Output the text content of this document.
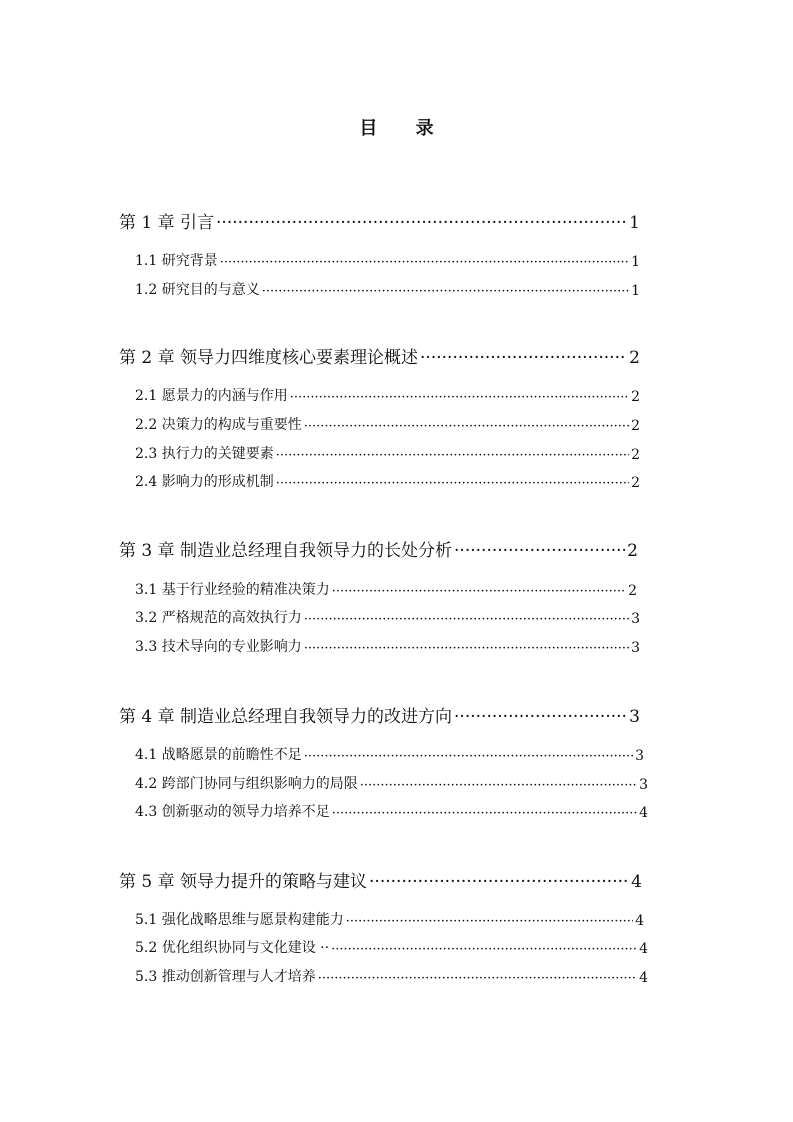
目 录
第 1 章 引言 ·····	1
1.1 研究背景 ·····	1
1.2 研究目的与意义 ·····	1
第 2 章 领导力四维度核心要素理论概述 ·····	2
2.1 愿景力的内涵与作用 ·····	2
2.2 决策力的构成与重要性 ·····	2
2.3 执行力的关键要素 ·····	2
2.4 影响力的形成机制 ·····	2
第 3 章 制造业总经理自我领导力的长处分析 ·····	2
3.1 基于行业经验的精准决策力 ·····	2
3.2 严格规范的高效执行力 ·····	3
3.3 技术导向的专业影响力 ·····	3
第 4 章 制造业总经理自我领导力的改进方向 ·····	3
4.1 战略愿景的前瞻性不足 ·····	3
4.2 跨部门协同与组织影响力的局限 ·····	3
4.3 创新驱动的领导力培养不足 ·····	4
第 5 章 领导力提升的策略与建议 ·····	4
5.1 强化战略思维与愿景构建能力 ·····	4
5.2 优化组织协同与文化建设 ·· ·····	4
5.3 推动创新管理与人才培养 ·····	4
